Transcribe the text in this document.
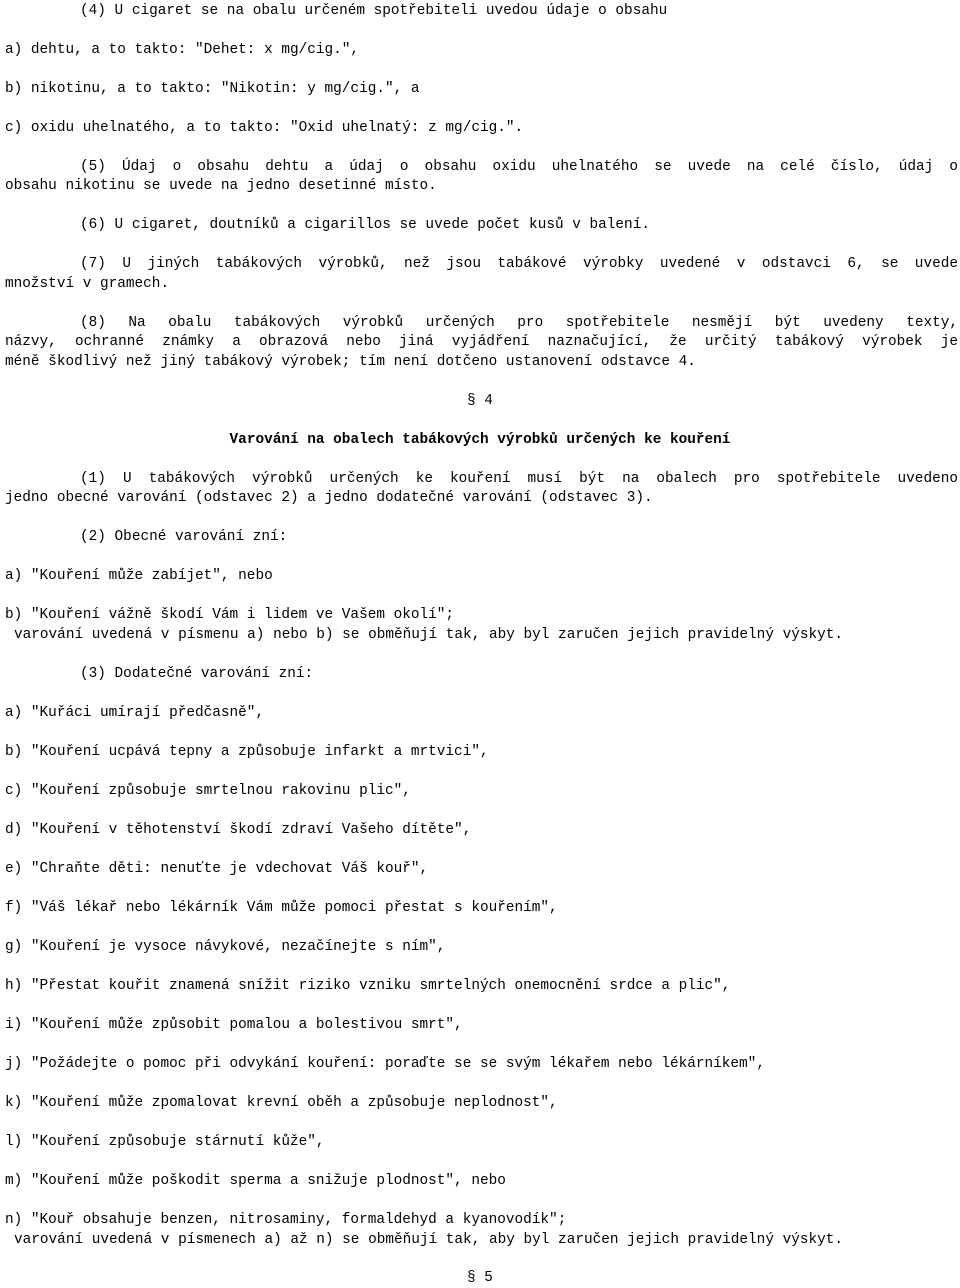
(4) U cigaret se na obalu určeném spotřebiteli uvedou údaje o obsahu
a) dehtu, a to takto: "Dehet: x mg/cig.",
b) nikotinu, a to takto: "Nikotin: y mg/cig.", a
c) oxidu uhelnatého, a to takto: "Oxid uhelnatý: z mg/cig.".
(5) Údaj o obsahu dehtu a údaj o obsahu oxidu uhelnatého se uvede na celé číslo, údaj o
obsahu nikotinu se uvede na jedno desetinné místo.
(6) U cigaret, doutníků a cigarillos se uvede počet kusů v balení.
(7) U jiných tabákových výrobků, než jsou tabákové výrobky uvedené v odstavci 6, se uvede
množství v gramech.
(8) Na obalu tabákových výrobků určených pro spotřebitele nesmějí být uvedeny texty,
názvy, ochranné známky a obrazová nebo jiná vyjádření naznačující, že určitý tabákový výrobek je
méně škodlivý než jiný tabákový výrobek; tím není dotčeno ustanovení odstavce 4.
§ 4
Varování na obalech tabákových výrobků určených ke kouření
(1) U tabákových výrobků určených ke kouření musí být na obalech pro spotřebitele uvedeno
jedno obecné varování (odstavec 2) a jedno dodatečné varování (odstavec 3).
(2) Obecné varování zní:
a) "Kouření může zabíjet", nebo
b) "Kouření vážně škodí Vám i lidem ve Vašem okolí";
varování uvedená v písmenu a) nebo b) se obměňují tak, aby byl zaručen jejich pravidelný výskyt.
(3) Dodatečné varování zní:
a) "Kuřáci umírají předčasně",
b) "Kouření ucpává tepny a způsobuje infarkt a mrtvici",
c) "Kouření způsobuje smrtelnou rakovinu plic",
d) "Kouření v těhotenství škodí zdraví Vašeho dítěte",
e) "Chraňte děti: nenuťte je vdechovat Váš kouř",
f) "Váš lékař nebo lékárník Vám může pomoci přestat s kouřením",
g) "Kouření je vysoce návykové, nezačínejte s ním",
h) "Přestat kouřit znamená snížit riziko vzniku smrtelných onemocnění srdce a plic",
i) "Kouření může způsobit pomalou a bolestivou smrt",
j) "Požádejte o pomoc při odvykání kouření: poraďte se se svým lékařem nebo lékárníkem",
k) "Kouření může zpomalovat krevní oběh a způsobuje neplodnost",
l) "Kouření způsobuje stárnutí kůže",
m) "Kouření může poškodit sperma a snižuje plodnost", nebo
n) "Kouř obsahuje benzen, nitrosaminy, formaldehyd a kyanovodík";
varování uvedená v písmenech a) až n) se obměňují tak, aby byl zaručen jejich pravidelný výskyt.
§ 5
